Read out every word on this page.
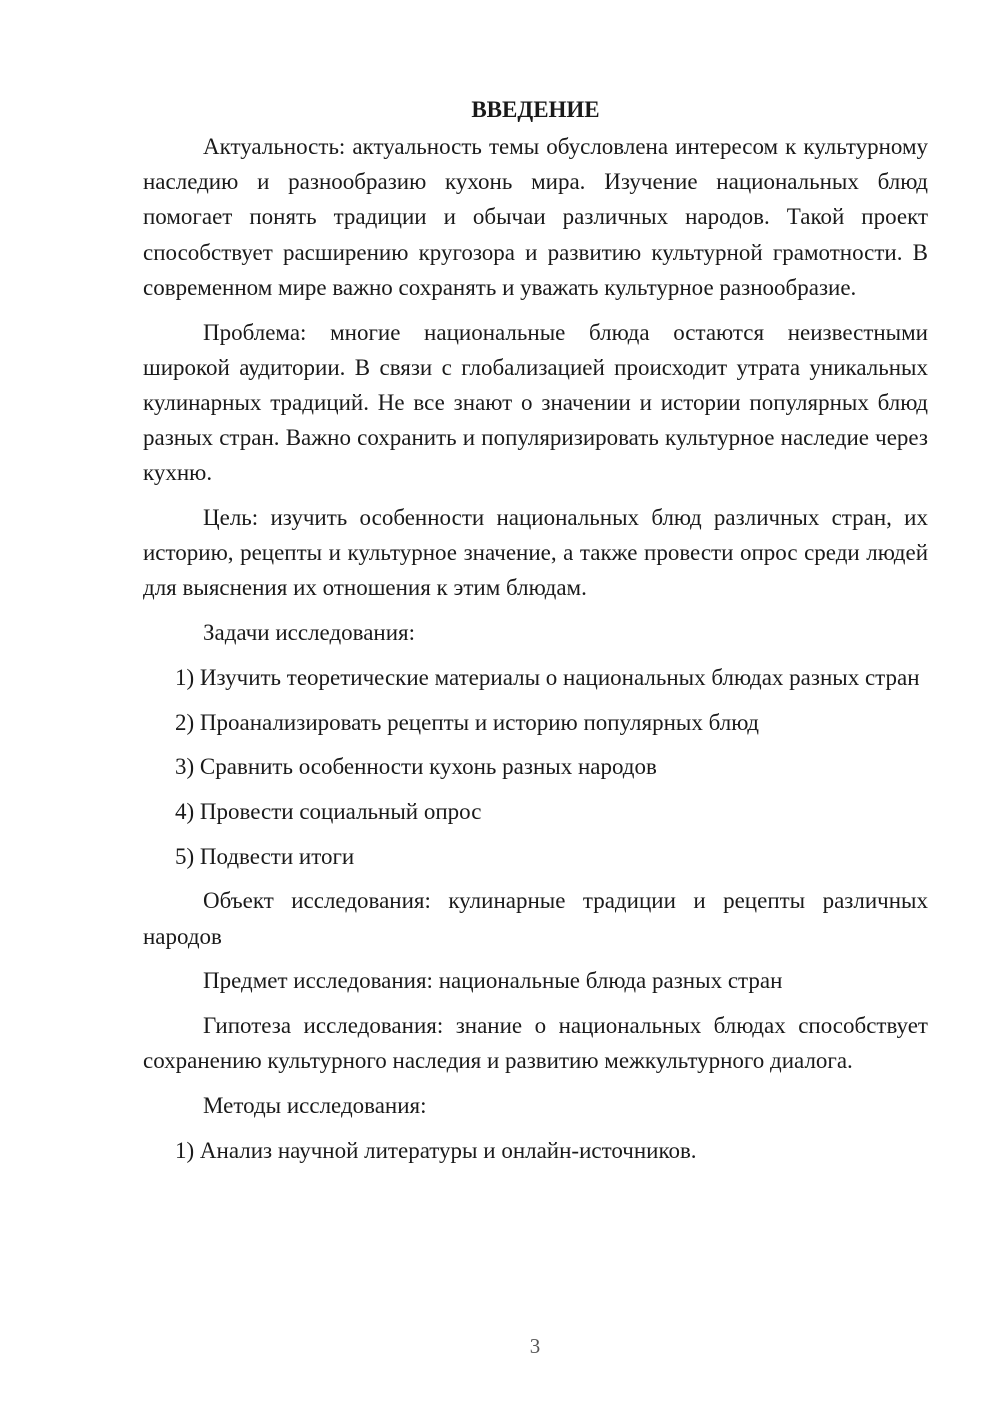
ВВЕДЕНИЕ

Актуальность: актуальность темы обусловлена интересом к культурному наследию и разнообразию кухонь мира. Изучение национальных блюд помогает понять традиции и обычаи различных народов. Такой проект способствует расширению кругозора и развитию культурной грамотности. В современном мире важно сохранять и уважать культурное разнообразие.

Проблема: многие национальные блюда остаются неизвестными широкой аудитории. В связи с глобализацией происходит утрата уникальных кулинарных традиций. Не все знают о значении и истории популярных блюд разных стран. Важно сохранить и популяризировать культурное наследие через кухню.

Цель: изучить особенности национальных блюд различных стран, их историю, рецепты и культурное значение, а также провести опрос среди людей для выяснения их отношения к этим блюдам.

Задачи исследования:

1) Изучить теоретические материалы о национальных блюдах разных стран

2) Проанализировать рецепты и историю популярных блюд

3) Сравнить особенности кухонь разных народов

4) Провести социальный опрос

5) Подвести итоги

Объект исследования: кулинарные традиции и рецепты различных народов

Предмет исследования: национальные блюда разных стран

Гипотеза исследования: знание о национальных блюдах способствует сохранению культурного наследия и развитию межкультурного диалога.

Методы исследования:

1) Анализ научной литературы и онлайн-источников.

3
